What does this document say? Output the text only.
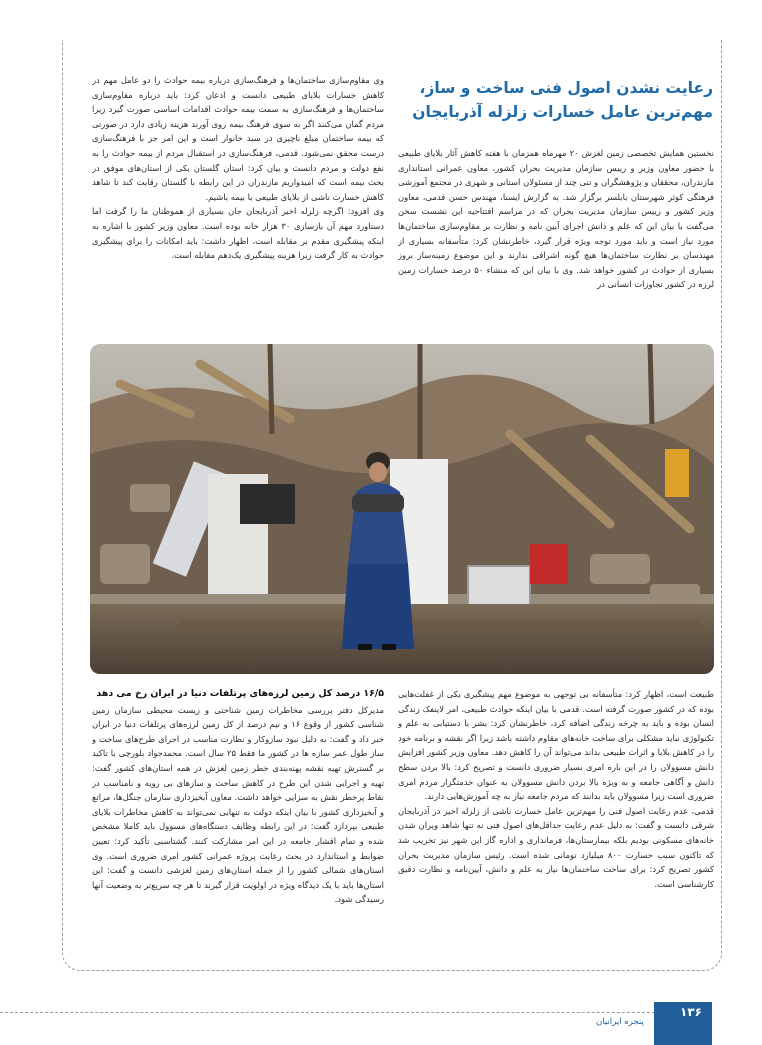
رعایت نشدن اصول فنی ساخت و ساز، مهم‌ترین عامل خسارات زلزله آذربایجان

نخستین همایش تخصصی زمین لغزش ۲۰ مهرماه همزمان با هفته کاهش آثار بلایای طبیعی با حضور معاون وزیر و رییس سازمان مدیریت بحران کشور، معاون عمرانی استانداری مازندران، محققان و پژوهشگران و تنی چند از مسئولان استانی و شهری در مجتمع آموزشی فرهنگی کوثر شهرستان بابلسر برگزار شد. به گزارش ایسنا، مهندس حسن قدمی، معاون وزیر کشور و رییس سازمان مدیریت بحران که در مراسم افتتاحیه این نشست سخن می‌گفت با بیان این که علم و دانش اجرای آیین نامه و نظارت بر مقاوم‌سازی ساختمان‌ها مورد نیاز است و باید مورد توجه ویژه قرار گیرد، خاطرنشان کرد: متأسفانه بسیاری از مهندسان بر نظارت ساختمان‌ها هیچ گونه اشرافی ندارند و این موضوع زمینه‌ساز بروز بسیاری از حوادث در کشور خواهد شد. وی با بیان این که منشاء ۵۰ درصد خسارات زمین لرزه در کشور تجاوزات انسانی در

وی مقاوم‌سازی ساختمان‌ها و فرهنگ‌سازی درباره بیمه حوادث را دو عامل مهم در کاهش خسارات بلایای طبیعی دانست و اذعان کرد: باید درباره مقاوم‌سازی ساختمان‌ها و فرهنگ‌سازی به سمت بیمه حوادث اقدامات اساسی صورت گیرد زیرا مردم گمان می‌کنند اگر به سوی فرهنگ بیمه روی آورند هزینه زیادی دارد در صورتی که بیمه ساختمان مبلغ ناچیزی در سبد خانوار است و این امر جز با فرهنگ‌سازی درست محقق نمی‌شود. قدمی، فرهنگ‌سازی در استقبال مردم از بیمه حوادث را به نفع دولت و مردم دانست و بیان کرد: استان گلستان یکی از استان‌های موفق در بحث بیمه است که امیدواریم مازندران در این رابطه با گلستان رقابت کند تا شاهد کاهش خسارت ناشی از بلایای طبیعی با بیمه باشیم.

وی افزود: اگرچه زلزله اخیر آذربایجان جان بسیاری از هموطنان ما را گرفت اما دستاورد مهم آن بازسازی ۳۰ هزار خانه بوده است. معاون وزیر کشور با اشاره به اینکه پیشگیری مقدم بر مقابله است، اظهار داشت: باید امکانات را برای پیشگیری حوادث به کار گرفت زیرا هزینه پیشگیری یک‌دهم مقابله است.

۱۶/۵ درصد کل زمین لرزه‌های پرتلفات دنیا در ایران رخ می دهد

مدیرکل دفتر بررسی مخاطرات زمین شناختی و زیست محیطی سازمان زمین شناسی کشور از وقوع ۱۶ و نیم درصد از کل زمین لرزه‌های پرتلفات دنیا در ایران خبر داد و گفت: به دلیل نبود سازوکار و نظارت مناسب در اجرای طرح‌های ساخت و ساز طول عمر سازه ها در کشور ما فقط ۲۵ سال است. محمدجواد بلورچی با تاکید بر گسترش تهیه نقشه پهنه‌بندی خطر زمین لغزش در همه استان‌های کشور گفت: تهیه و اجرایی شدن این طرح در کاهش ساخت و سازهای بی رویه و نامناسب در نقاط پرخطر نقش به سزایی خواهد داشت. معاون آبخیزداری سازمان جنگل‌ها، مراتع و آبخیزداری کشور با بیان اینکه دولت به تنهایی نمی‌تواند به کاهش مخاطرات بلایای طبیعی بپردازد گفت: در این رابطه وظایف دستگاه‌های مسوول باید کاملا مشخص شده و تمام اقشار جامعه در این امر مشارکت کنند. گشتاسبی تأکید کرد: تعیین ضوابط و استاندارد در بحث رعایت پروژه عمرانی کشور امری ضروری است. وی استان‌های شمالی کشور را از جمله استان‌های زمین لغزشی دانست و گفت: این استان‌ها باید با یک دیدگاه ویژه در اولویت قرار گیرند تا هر چه سریع‌تر به وضعیت آنها رسیدگی شود.

طبیعت است، اظهار کرد: متأسفانه بی توجهی به موضوع مهم پیشگیری یکی از غفلت‌هایی بوده که در کشور صورت گرفته است. قدمی با بیان اینکه حوادث طبیعی، امر لاینفک زندگی انسان بوده و باید به چرخه زندگی اضافه کرد، خاطرنشان کرد: بشر با دستیابی به علم و تکنولوژی نباید مشکلی برای ساخت خانه‌های مقاوم داشته باشد زیرا اگر نقشه و برنامه خود را در کاهش بلایا و اثرات طبیعی بداند می‌تواند آن را کاهش دهد. معاون وزیر کشور افزایش دانش مسوولان را در این باره امری بسیار ضروری دانست و تصریح کرد: بالا بردن سطح دانش و آگاهی جامعه و به ویژه بالا بردن دانش مسوولان به عنوان خدمتگزار مردم امری ضروری است زیرا مسوولان باید بدانند که مردم جامعه نیاز به چه آموزش‌هایی دارند.

قدمی، عدم رعایت اصول فنی را مهم‌ترین عامل خسارت ناشی از زلزله اخیر در آذربایجان شرقی دانست و گفت: به دلیل عدم رعایت حداقل‌های اصول فنی نه تنها شاهد ویران شدن خانه‌های مسکونی بودیم بلکه بیمارستان‌ها، فرمانداری و اداره گاز این شهر نیز تخریب شد که تاکنون سبب خسارت ۸۰۰ میلیارد تومانی شده است. رئیس سازمان مدیریت بحران کشور تصریح کرد: برای ساخت ساختمان‌ها نیاز به علم و دانش، آیین‌نامه و نظارت دقیق کارشناسی است.

۱۳۶
پنجره ایرانیان
